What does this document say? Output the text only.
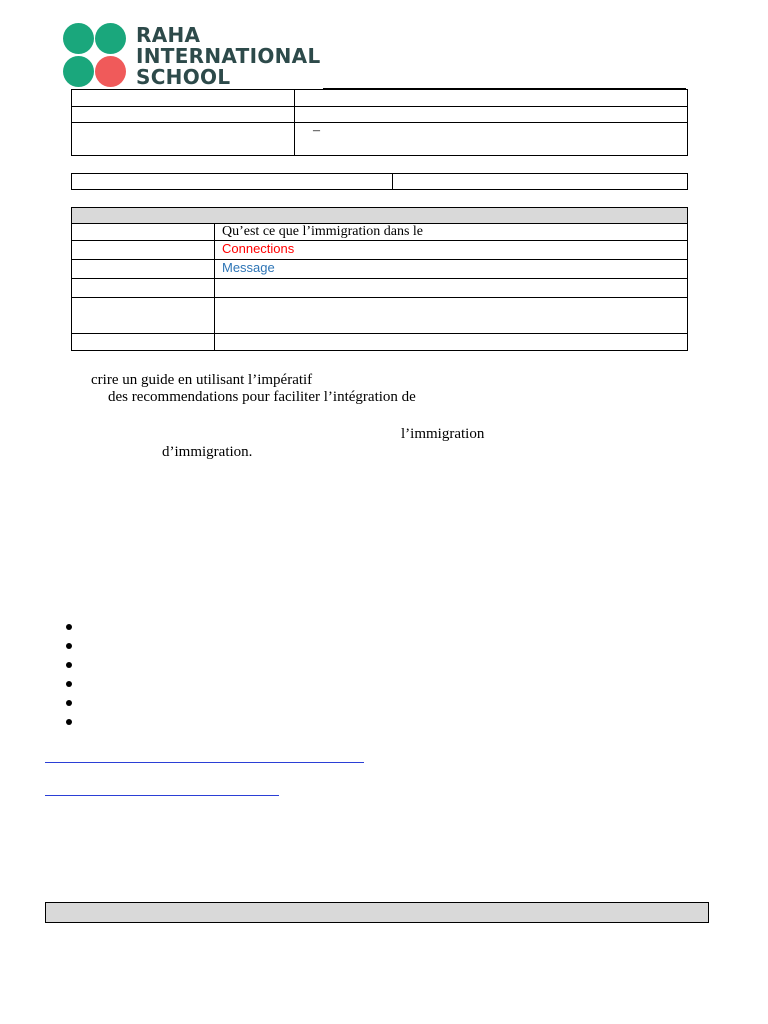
RAHA
INTERNATIONAL
SCHOOL

	–

	Qu’est ce que l’immigration dans le
	Connections
	Message

crire un guide en utilisant l’impératif
des recommendations pour faciliter l’intégration de
l’immigration
d’immigration.
